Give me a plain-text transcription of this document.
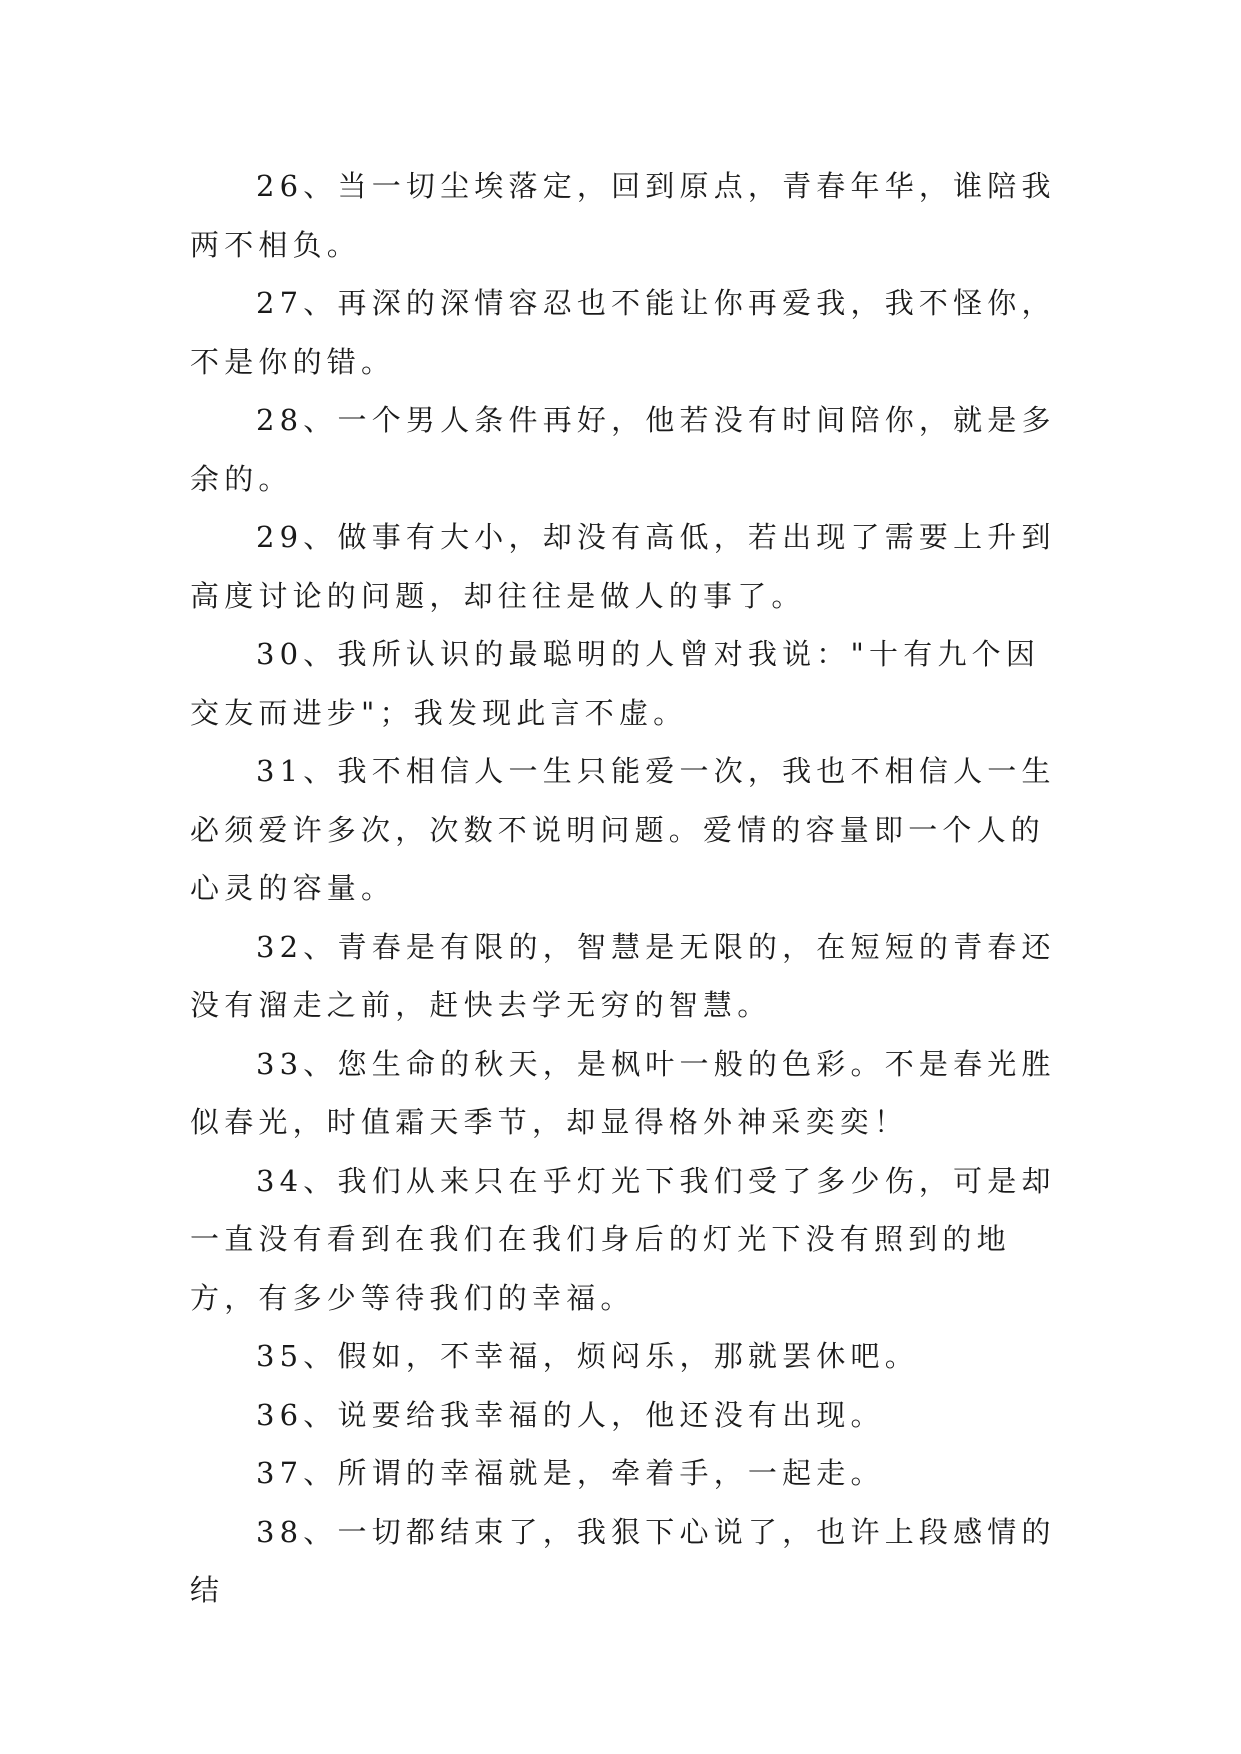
26、当一切尘埃落定，回到原点，青春年华，谁陪我两不相负。

27、再深的深情容忍也不能让你再爱我，我不怪你，不是你的错。

28、一个男人条件再好，他若没有时间陪你，就是多余的。

29、做事有大小，却没有高低，若出现了需要上升到高度讨论的问题，却往往是做人的事了。

30、我所认识的最聪明的人曾对我说："十有九个因交友而进步"；我发现此言不虚。

31、我不相信人一生只能爱一次，我也不相信人一生必须爱许多次，次数不说明问题。爱情的容量即一个人的心灵的容量。

32、青春是有限的，智慧是无限的，在短短的青春还没有溜走之前，赶快去学无穷的智慧。

33、您生命的秋天，是枫叶一般的色彩。不是春光胜似春光，时值霜天季节，却显得格外神采奕奕！

34、我们从来只在乎灯光下我们受了多少伤，可是却一直没有看到在我们在我们身后的灯光下没有照到的地方，有多少等待我们的幸福。

35、假如，不幸福，烦闷乐，那就罢休吧。

36、说要给我幸福的人，他还没有出现。

37、所谓的幸福就是，牵着手，一起走。

38、一切都结束了，我狠下心说了，也许上段感情的结
